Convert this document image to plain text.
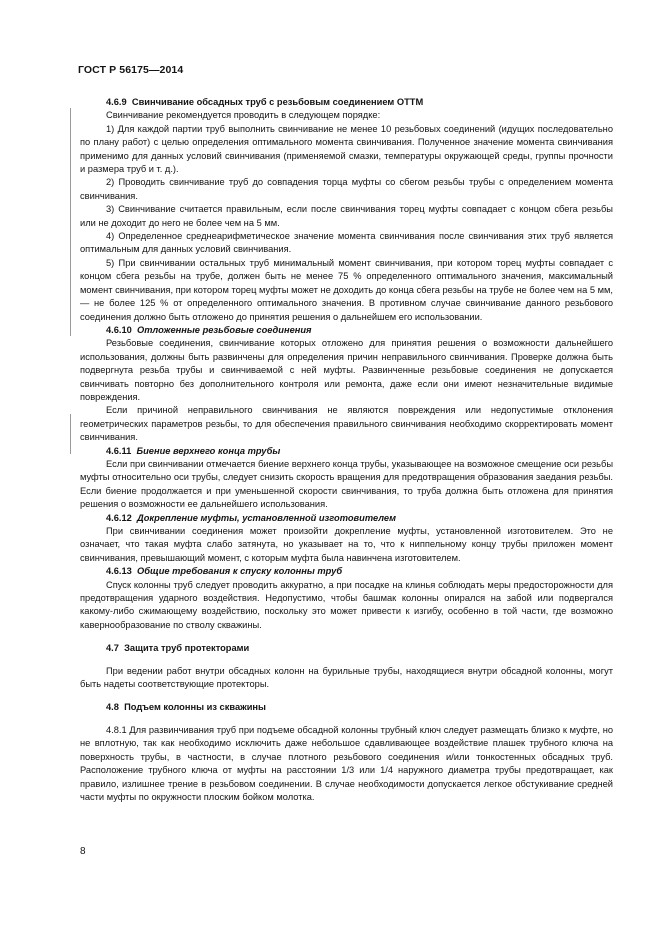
ГОСТ Р 56175—2014

4.6.9 Свинчивание обсадных труб с резьбовым соединением ОТТМ

Свинчивание рекомендуется проводить в следующем порядке:

1) Для каждой партии труб выполнить свинчивание не менее 10 резьбовых соединений (идущих последовательно по плану работ) с целью определения оптимального момента свинчивания. Полученное значение момента свинчивания применимо для данных условий свинчивания (применяемой смазки, температуры окружающей среды, группы прочности и размера труб и т. д.).

2) Проводить свинчивание труб до совпадения торца муфты со сбегом резьбы трубы с определением момента свинчивания.

3) Свинчивание считается правильным, если после свинчивания торец муфты совпадает с концом сбега резьбы или не доходит до него не более чем на 5 мм.

4) Определенное среднеарифметическое значение момента свинчивания после свинчивания этих труб является оптимальным для данных условий свинчивания.

5) При свинчивании остальных труб минимальный момент свинчивания, при котором торец муфты совпадает с концом сбега резьбы на трубе, должен быть не менее 75 % определенного оптимального значения, максимальный момент свинчивания, при котором торец муфты может не доходить до конца сбега резьбы на трубе не более чем на 5 мм, — не более 125 % от определенного оптимального значения. В противном случае свинчивание данного резьбового соединения должно быть отложено до принятия решения о дальнейшем его использовании.

4.6.10 Отложенные резьбовые соединения

Резьбовые соединения, свинчивание которых отложено для принятия решения о возможности дальнейшего использования, должны быть развинчены для определения причин неправильного свинчивания. Проверке должна быть подвергнута резьба трубы и свинчиваемой с ней муфты. Развинченные резьбовые соединения не допускается свинчивать повторно без дополнительного контроля или ремонта, даже если они имеют незначительные видимые повреждения.

Если причиной неправильного свинчивания не являются повреждения или недопустимые отклонения геометрических параметров резьбы, то для обеспечения правильного свинчивания необходимо скорректировать момент свинчивания.

4.6.11 Биение верхнего конца трубы

Если при свинчивании отмечается биение верхнего конца трубы, указывающее на возможное смещение оси резьбы муфты относительно оси трубы, следует снизить скорость вращения для предотвращения образования заедания резьбы. Если биение продолжается и при уменьшенной скорости свинчивания, то труба должна быть отложена для принятия решения о возможности ее дальнейшего использования.

4.6.12 Докрепление муфты, установленной изготовителем

При свинчивании соединения может произойти докрепление муфты, установленной изготовителем. Это не означает, что такая муфта слабо затянута, но указывает на то, что к ниппельному концу трубы приложен момент свинчивания, превышающий момент, с которым муфта была навинчена изготовителем.

4.6.13 Общие требования к спуску колонны труб

Спуск колонны труб следует проводить аккуратно, а при посадке на клинья соблюдать меры предосторожности для предотвращения ударного воздействия. Недопустимо, чтобы башмак колонны опирался на забой или подвергался какому-либо сжимающему воздействию, поскольку это может привести к изгибу, особенно в той части, где возможно кавернообразование по стволу скважины.

4.7 Защита труб протекторами

При ведении работ внутри обсадных колонн на бурильные трубы, находящиеся внутри обсадной колонны, могут быть надеты соответствующие протекторы.

4.8 Подъем колонны из скважины

4.8.1 Для развинчивания труб при подъеме обсадной колонны трубный ключ следует размещать близко к муфте, но не вплотную, так как необходимо исключить даже небольшое сдавливающее воздействие плашек трубного ключа на поверхность трубы, в частности, в случае плотного резьбового соединения и/или тонкостенных обсадных труб. Расположение трубного ключа от муфты на расстоянии 1/3 или 1/4 наружного диаметра трубы предотвращает, как правило, излишнее трение в резьбовом соединении. В случае необходимости допускается легкое обстукивание средней части муфты по окружности плоским бойком молотка.

8
